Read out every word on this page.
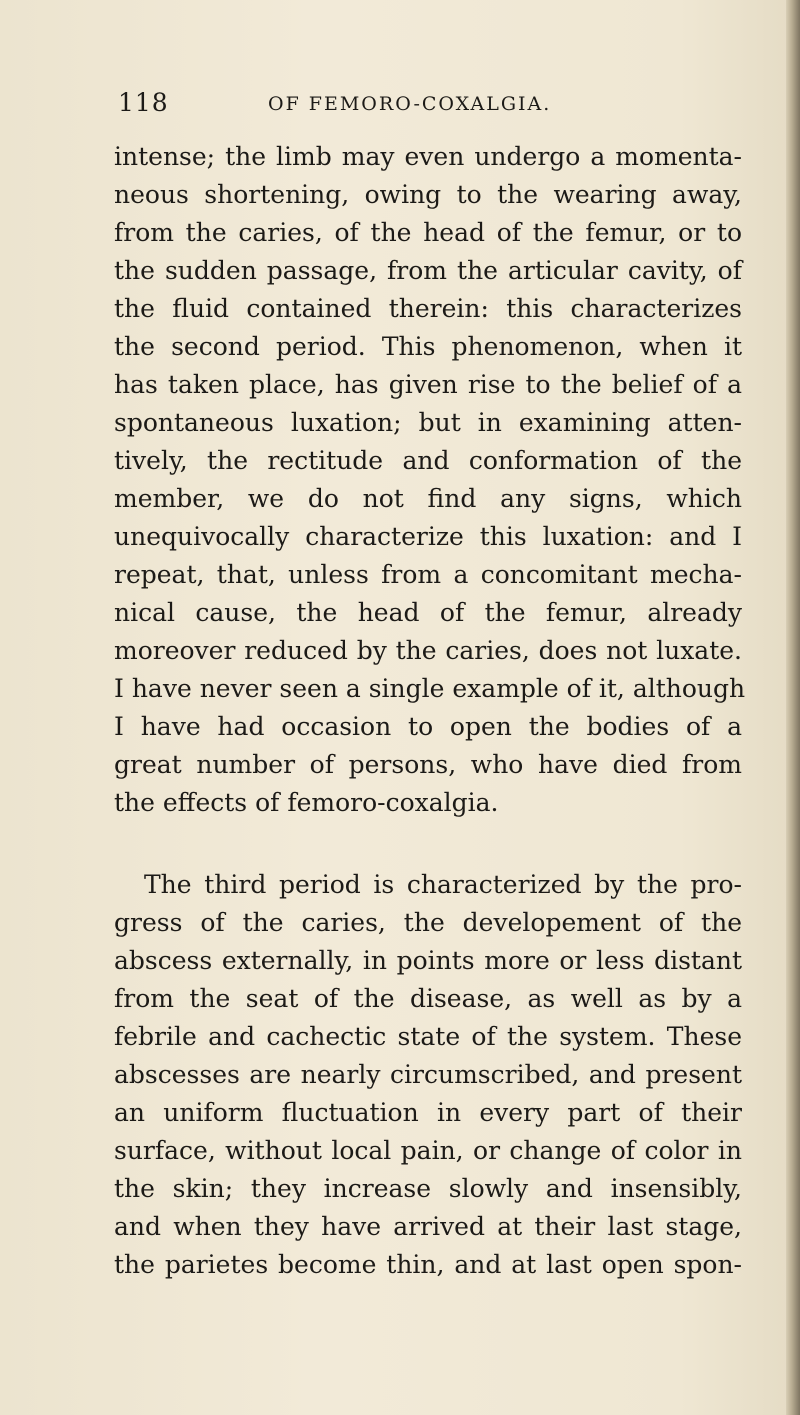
118	OF FEMORO-COXALGIA.
intense; the limb may even undergo a momenta-
neous shortening, owing to the wearing away,
from the caries, of the head of the femur, or to
the sudden passage, from the articular cavity, of
the fluid contained therein: this characterizes
the second period. This phenomenon, when it
has taken place, has given rise to the belief of a
spontaneous luxation; but in examining atten-
tively, the rectitude and conformation of the
member, we do not find any signs, which
unequivocally characterize this luxation: and I
repeat, that, unless from a concomitant mecha-
nical cause, the head of the femur, already
moreover reduced by the caries, does not luxate.
I have never seen a single example of it, although
I have had occasion to open the bodies of a
great number of persons, who have died from
the effects of femoro-coxalgia.
The third period is characterized by the pro-
gress of the caries, the developement of the
abscess externally, in points more or less distant
from the seat of the disease, as well as by a
febrile and cachectic state of the system. These
abscesses are nearly circumscribed, and present
an uniform fluctuation in every part of their
surface, without local pain, or change of color in
the skin; they increase slowly and insensibly,
and when they have arrived at their last stage,
the parietes become thin, and at last open spon-
